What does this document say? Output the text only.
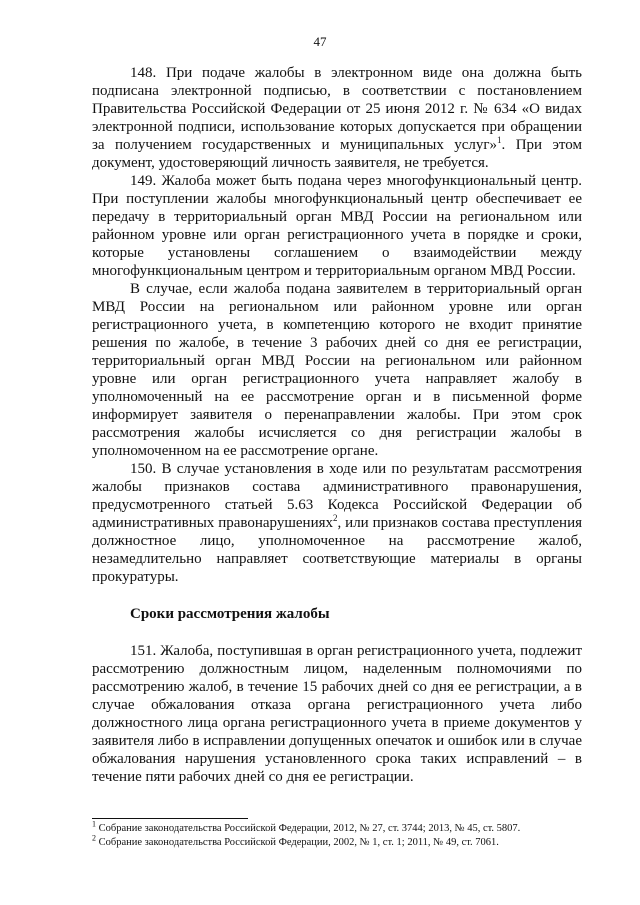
47

148. При подаче жалобы в электронном виде она должна быть подписана электронной подписью, в соответствии с постановлением Правительства Российской Федерации от 25 июня 2012 г. № 634 «О видах электронной подписи, использование которых допускается при обращении за получением государственных и муниципальных услуг»$^1$. При этом документ, удостоверяющий личность заявителя, не требуется.

149. Жалоба может быть подана через многофункциональный центр. При поступлении жалобы многофункциональный центр обеспечивает ее передачу в территориальный орган МВД России на региональном или районном уровне или орган регистрационного учета в порядке и сроки, которые установлены соглашением о взаимодействии между многофункциональным центром и территориальным органом МВД России.

В случае, если жалоба подана заявителем в территориальный орган МВД России на региональном или районном уровне или орган регистрационного учета, в компетенцию которого не входит принятие решения по жалобе, в течение 3 рабочих дней со дня ее регистрации, территориальный орган МВД России на региональном или районном уровне или орган регистрационного учета направляет жалобу в уполномоченный на ее рассмотрение орган и в письменной форме информирует заявителя о перенаправлении жалобы. При этом срок рассмотрения жалобы исчисляется со дня регистрации жалобы в уполномоченном на ее рассмотрение органе.

150. В случае установления в ходе или по результатам рассмотрения жалобы признаков состава административного правонарушения, предусмотренного статьей 5.63 Кодекса Российской Федерации об административных правонарушениях$^2$, или признаков состава преступления должностное лицо, уполномоченное на рассмотрение жалоб, незамедлительно направляет соответствующие материалы в органы прокуратуры.

Сроки рассмотрения жалобы

151. Жалоба, поступившая в орган регистрационного учета, подлежит рассмотрению должностным лицом, наделенным полномочиями по рассмотрению жалоб, в течение 15 рабочих дней со дня ее регистрации, а в случае обжалования отказа органа регистрационного учета либо должностного лица органа регистрационного учета в приеме документов у заявителя либо в исправлении допущенных опечаток и ошибок или в случае обжалования нарушения установленного срока таких исправлений – в течение пяти рабочих дней со дня ее регистрации.

$^1$ Собрание законодательства Российской Федерации, 2012, № 27, ст. 3744; 2013, № 45, ст. 5807.
$^2$ Собрание законодательства Российской Федерации, 2002, № 1, ст. 1; 2011, № 49, ст. 7061.
